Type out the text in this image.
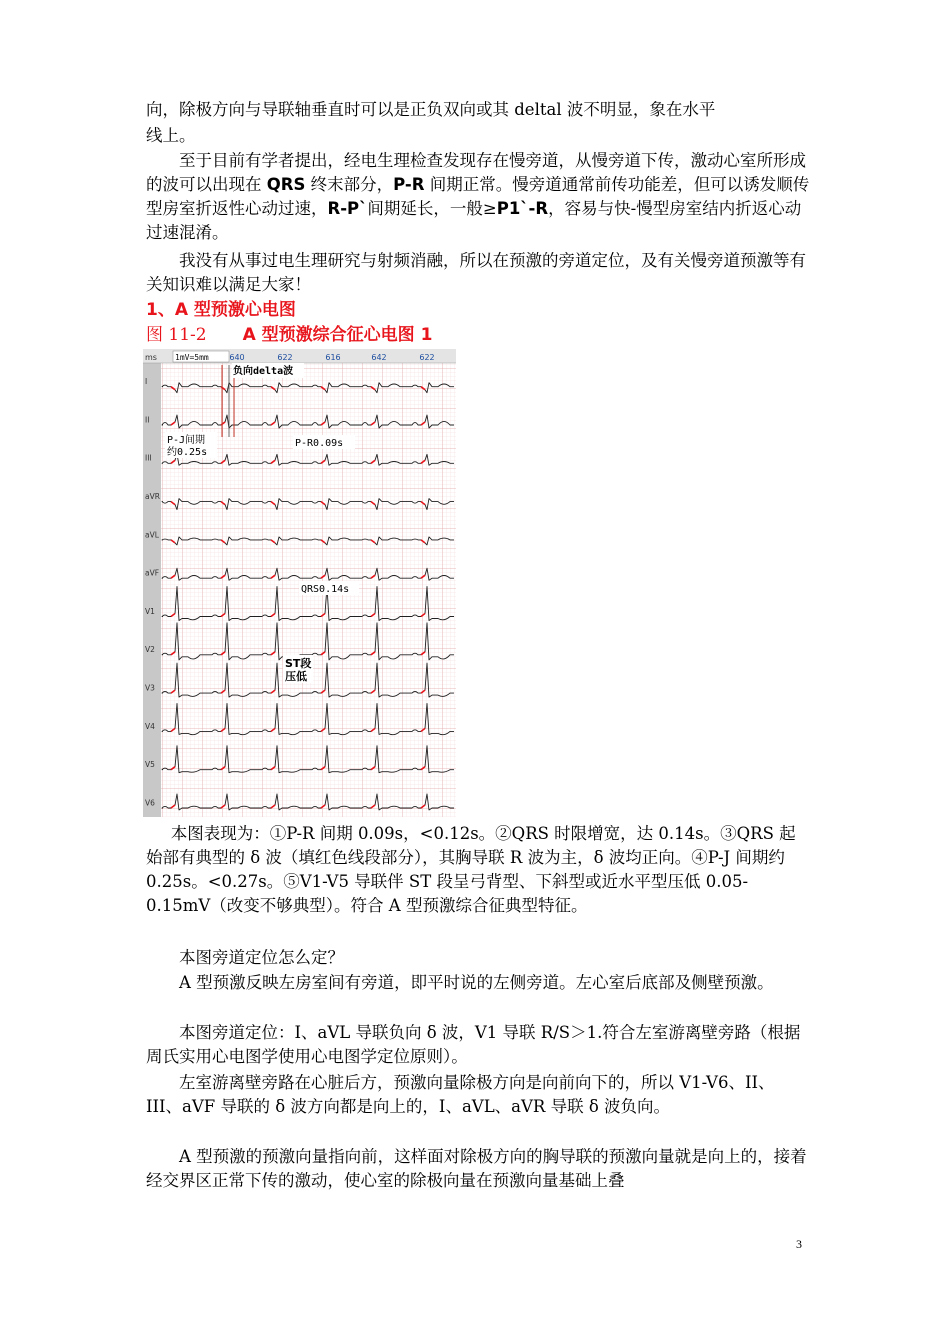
向，除极方向与导联轴垂直时可以是正负双向或其 deltal 波不明显，象在水平

线上。

至于目前有学者提出，经电生理检查发现存在慢旁道，从慢旁道下传，激动心室所形成的波可以出现在 QRS 终末部分，P-R 间期正常。慢旁道通常前传功能差，但可以诱发顺传型房室折返性心动过速，R-P`间期延长，一般≥P1`-R，容易与快-慢型房室结内折返心动过速混淆。

我没有从事过电生理研究与射频消融，所以在预激的旁道定位，及有关慢旁道预激等有关知识难以满足大家！

1、A 型预激心电图
图 11-2 A 型预激综合征心电图 1
ms 1mV=5mm	640	622	616	642	622
I
II
III
aVR
aVL
aVF
V1
V2
V3
V4
V5
V6
负向delta波
P-J间期
约0.25s
P-R0.09s
QRS0.14s
ST段
压低

本图表现为：①P-R 间期 0.09s，<0.12s。②QRS 时限增宽，达 0.14s。③QRS 起始部有典型的 δ 波（填红色线段部分），其胸导联 R 波为主，δ 波均正向。④P-J 间期约 0.25s。<0.27s。⑤V1-V5 导联伴 ST 段呈弓背型、下斜型或近水平型压低 0.05-0.15mV（改变不够典型）。符合 A 型预激综合征典型特征。

本图旁道定位怎么定？

A 型预激反映左房室间有旁道，即平时说的左侧旁道。左心室后底部及侧壁预激。

本图旁道定位：I、aVL 导联负向 δ 波，V1 导联 R/S＞1.符合左室游离壁旁路（根据周氏实用心电图学使用心电图学定位原则）。

左室游离壁旁路在心脏后方，预激向量除极方向是向前向下的，所以 V1-V6、II、III、aVF 导联的 δ 波方向都是向上的，I、aVL、aVR 导联 δ 波负向。

A 型预激的预激向量指向前，这样面对除极方向的胸导联的预激向量就是向上的，接着经交界区正常下传的激动，使心室的除极向量在预激向量基础上叠

3
